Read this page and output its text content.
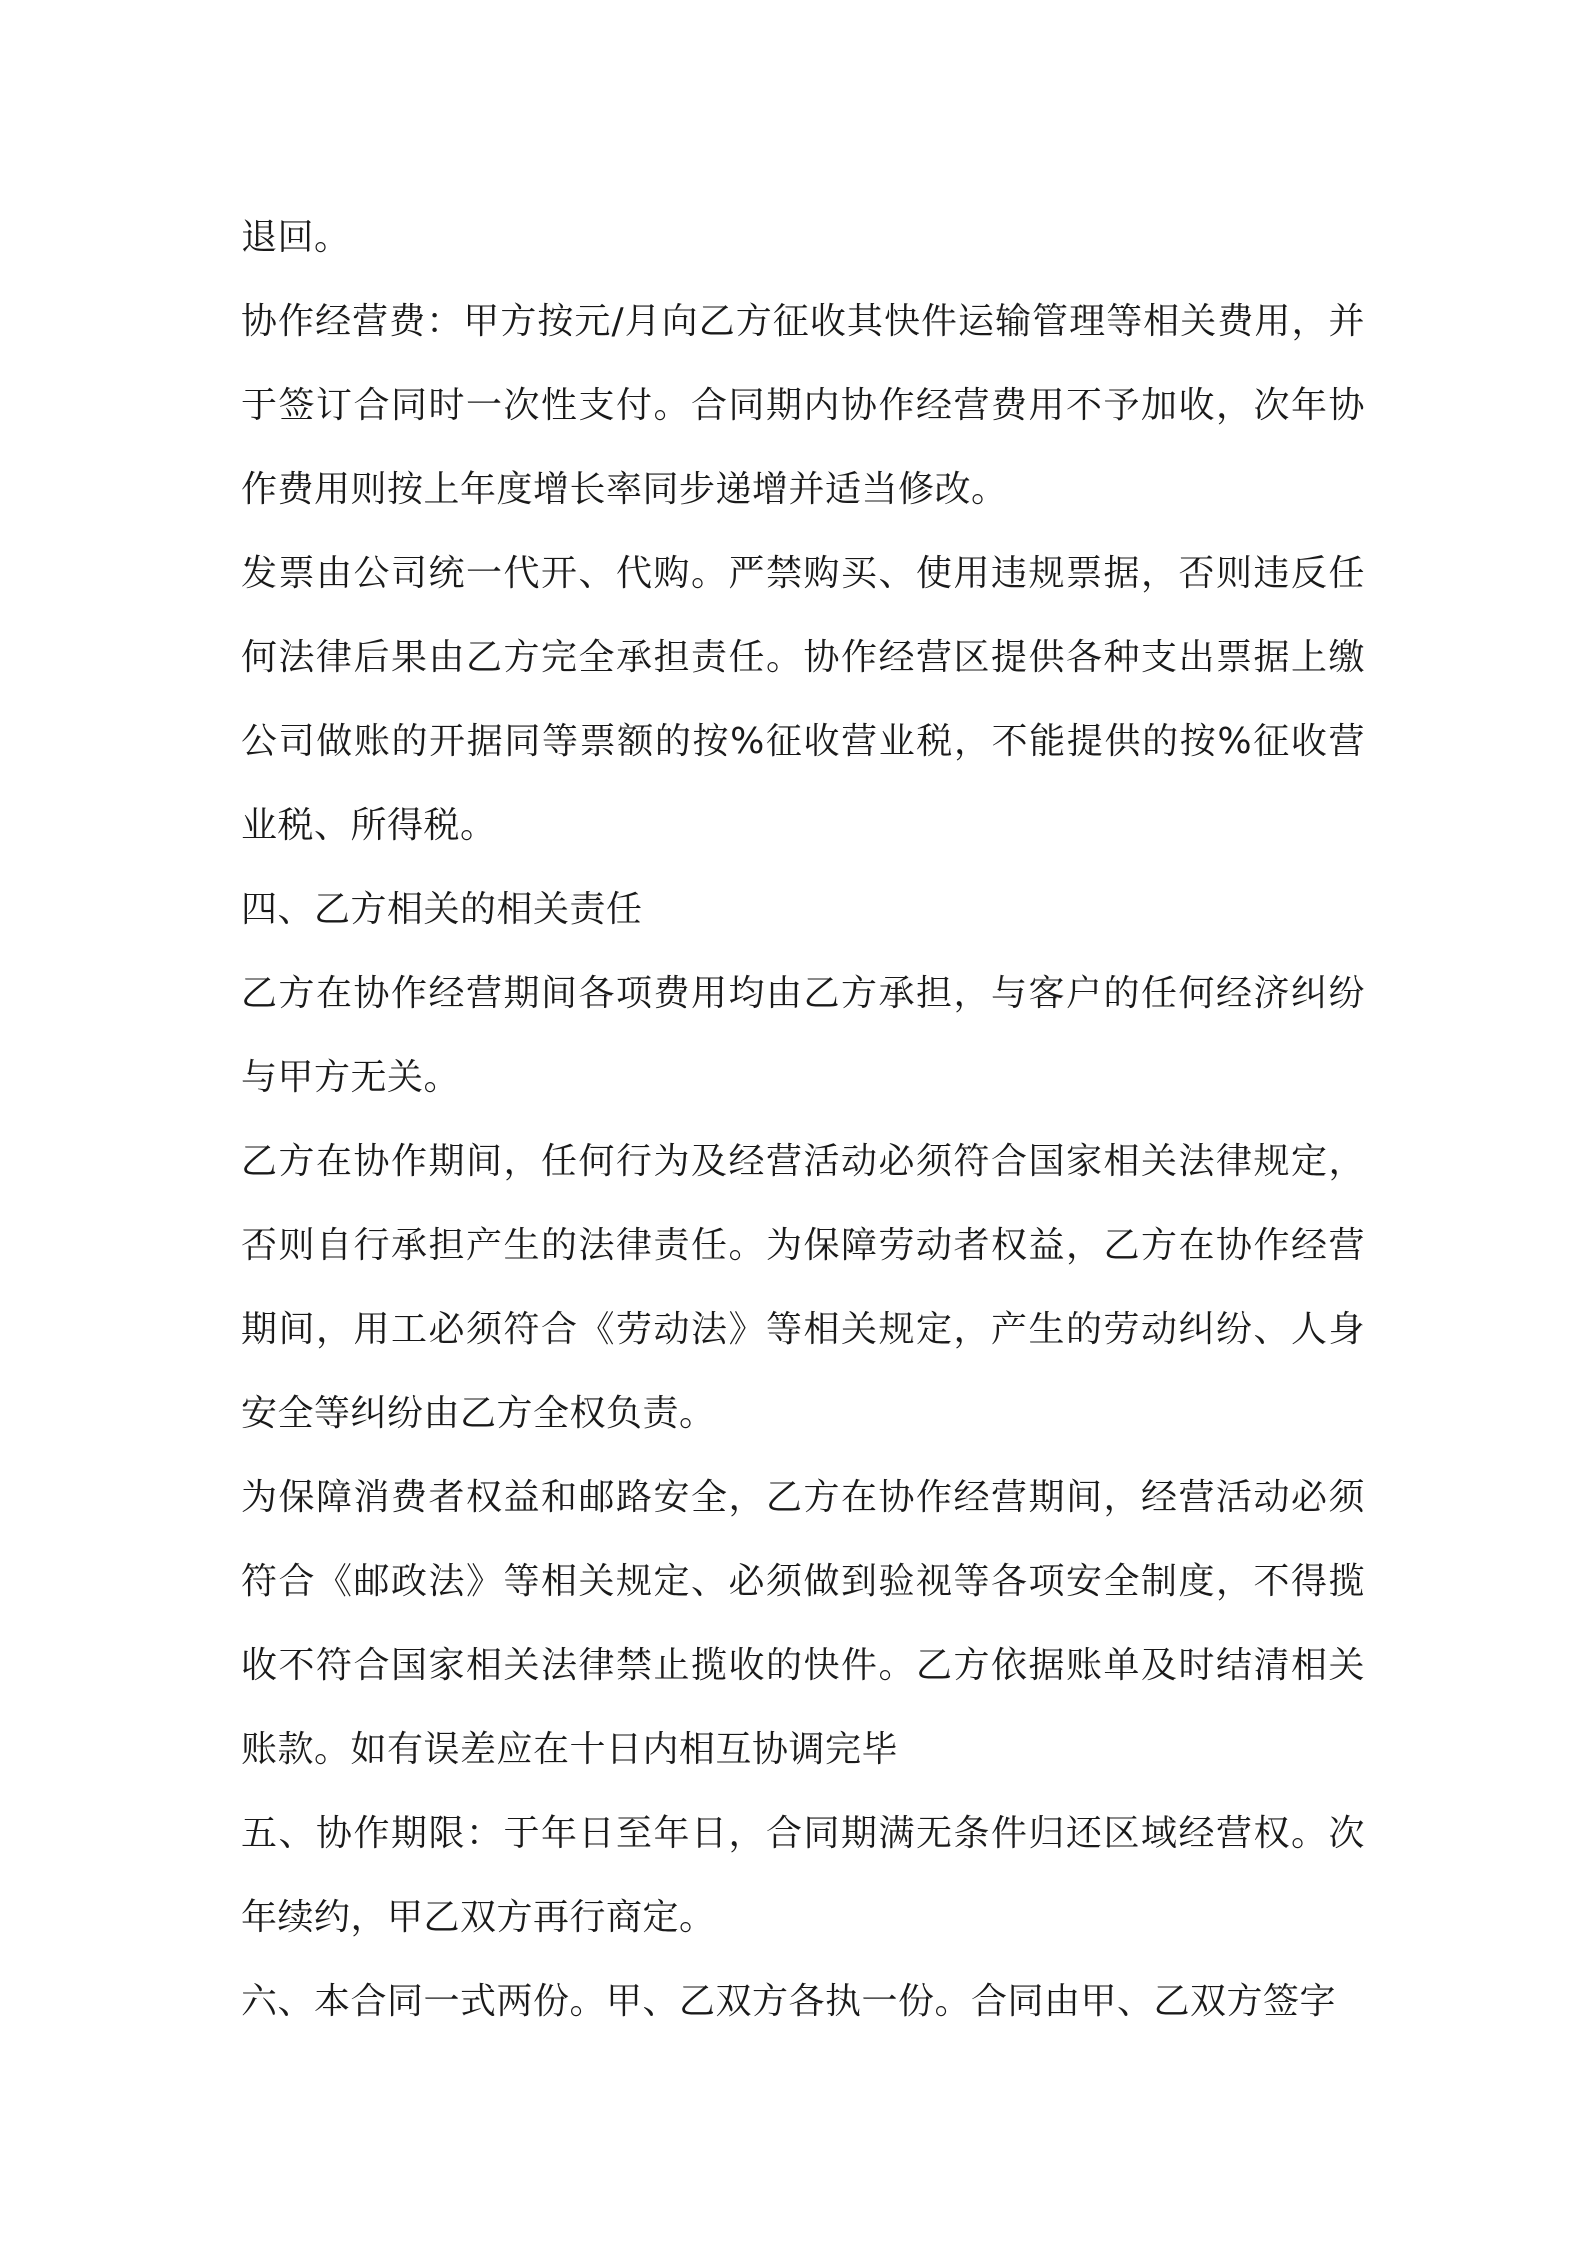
退回。

协作经营费：甲方按元/月向乙方征收其快件运输管理等相关费用，并于签订合同时一次性支付。合同期内协作经营费用不予加收，次年协作费用则按上年度增长率同步递增并适当修改。

发票由公司统一代开、代购。严禁购买、使用违规票据，否则违反任何法律后果由乙方完全承担责任。协作经营区提供各种支出票据上缴公司做账的开据同等票额的按%征收营业税，不能提供的按%征收营业税、所得税。

四、乙方相关的相关责任

乙方在协作经营期间各项费用均由乙方承担，与客户的任何经济纠纷与甲方无关。

乙方在协作期间，任何行为及经营活动必须符合国家相关法律规定，否则自行承担产生的法律责任。为保障劳动者权益，乙方在协作经营期间，用工必须符合《劳动法》等相关规定，产生的劳动纠纷、人身安全等纠纷由乙方全权负责。

为保障消费者权益和邮路安全，乙方在协作经营期间，经营活动必须符合《邮政法》等相关规定、必须做到验视等各项安全制度，不得揽收不符合国家相关法律禁止揽收的快件。乙方依据账单及时结清相关账款。如有误差应在十日内相互协调完毕

五、协作期限：于年日至年日，合同期满无条件归还区域经营权。次年续约，甲乙双方再行商定。

六、本合同一式两份。甲、乙双方各执一份。合同由甲、乙双方签字
